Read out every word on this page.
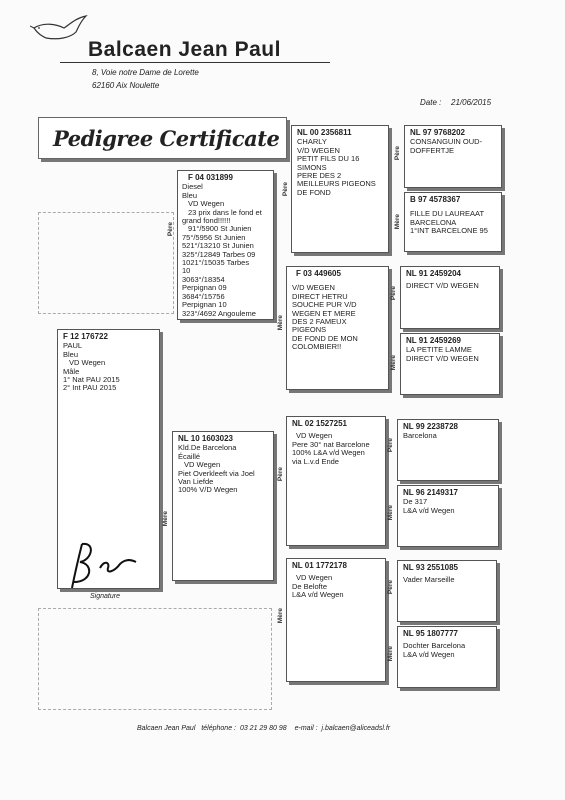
Balcaen Jean Paul
8, Voie notre Dame de Lorette
62160 Aix Noulette
Date : 21/06/2015
Pedigree Certificate
F 12 176722
PAUL
Bleu
VD Wegen
Mâle
1° Nat PAU 2015
2° Int PAU 2015
Signature
F 04 031899
Diesel
Bleu
VD Wegen
23 prix dans le fond et
grand fond!!!!!!
91°/5900 St Junien
75°/5956 St Junien
521°/13210 St Junien
325°/12849 Tarbes 09
1021°/15035 Tarbes
10
3063°/18354
Perpignan 09
3684°/15756
Perpignan 10
323°/4692 Angouleme
Père
NL 10 1603023
Kld.De Barcelona
Écaillé
VD Wegen
Piet Overkleeft via Joel
Van Liefde
100% V/D Wegen
Mère
NL 00 2356811
CHARLY
V/D WEGEN
PETIT FILS DU 16
SIMONS
PERE DES 2
MEILLEURS PIGEONS
DE FOND
Père
F 03 449605
V/D WEGEN
DIRECT HETRU
SOUCHE PUR V/D
WEGEN ET MERE
DES 2 FAMEUX
PIGEONS
DE FOND DE MON
COLOMBIER!!
Mère
NL 02 1527251
VD Wegen
Pere 30° nat Barcelone
100% L&A v/d Wegen
via L.v.d Ende
Père
NL 01 1772178
VD Wegen
De Belofte
L&A v/d Wegen
Mère
NL 97 9768202
CONSANGUIN OUD-
DOFFERTJE
Père
B 97 4578367
FILLE DU LAUREAAT
BARCELONA
1°INT BARCELONE 95
Mère
NL 91 2459204
DIRECT V/D WEGEN
Père
NL 91 2459269
LA PETITE LAMME
DIRECT V/D WEGEN
Mère
NL 99 2238728
Barcelona
Père
NL 96 2149317
De 317
L&A v/d Wegen
Mère
NL 93 2551085
Vader Marseille
Père
NL 95 1807777
Dochter Barcelona
L&A v/d Wegen
Mère
Balcaen Jean Paul téléphone : 03 21 29 80 98 e-mail : j.balcaen@aliceadsl.fr
